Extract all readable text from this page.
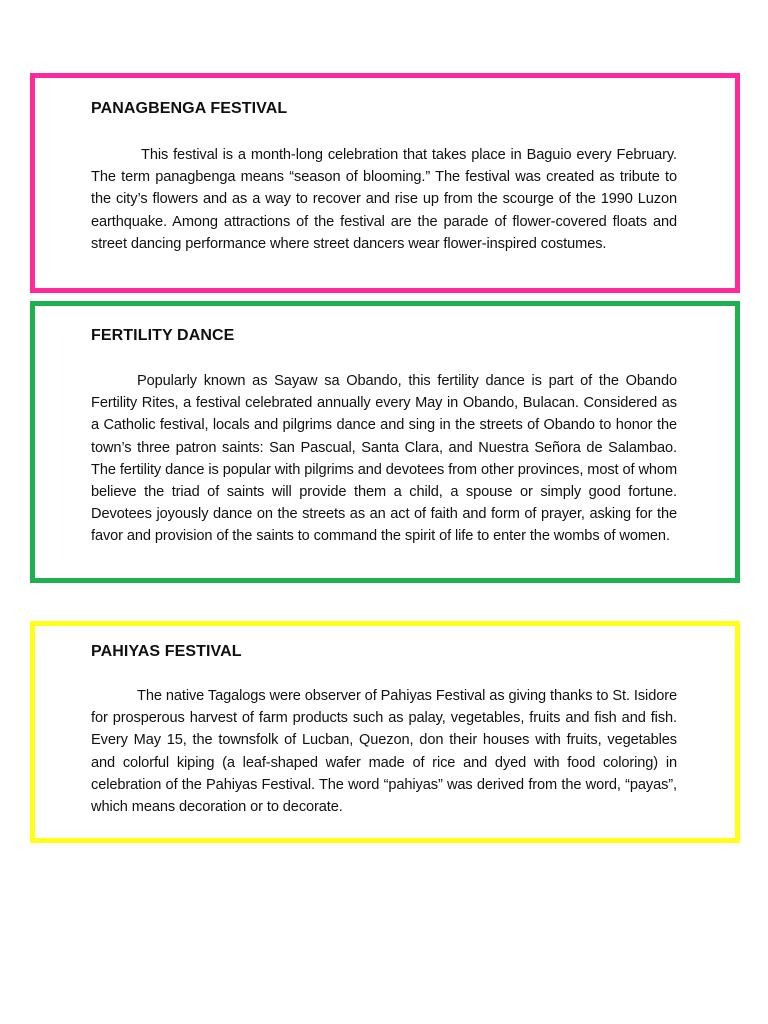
PANAGBENGA FESTIVAL

This festival is a month-long celebration that takes place in Baguio every February. The term panagbenga means “season of blooming.” The festival was created as tribute to the city’s flowers and as a way to recover and rise up from the scourge of the 1990 Luzon earthquake. Among attractions of the festival are the parade of flower-covered floats and street dancing performance where street dancers wear flower-inspired costumes.

FERTILITY DANCE

Popularly known as Sayaw sa Obando, this fertility dance is part of the Obando Fertility Rites, a festival celebrated annually every May in Obando, Bulacan. Considered as a Catholic festival, locals and pilgrims dance and sing in the streets of Obando to honor the town’s three patron saints: San Pascual, Santa Clara, and Nuestra Señora de Salambao. The fertility dance is popular with pilgrims and devotees from other provinces, most of whom believe the triad of saints will provide them a child, a spouse or simply good fortune. Devotees joyously dance on the streets as an act of faith and form of prayer, asking for the favor and provision of the saints to command the spirit of life to enter the wombs of women.

PAHIYAS FESTIVAL

The native Tagalogs were observer of Pahiyas Festival as giving thanks to St. Isidore for prosperous harvest of farm products such as palay, vegetables, fruits and fish and fish. Every May 15, the townsfolk of Lucban, Quezon, don their houses with fruits, vegetables and colorful kiping (a leaf-shaped wafer made of rice and dyed with food coloring) in celebration of the Pahiyas Festival. The word “pahiyas” was derived from the word, “payas”, which means decoration or to decorate.
